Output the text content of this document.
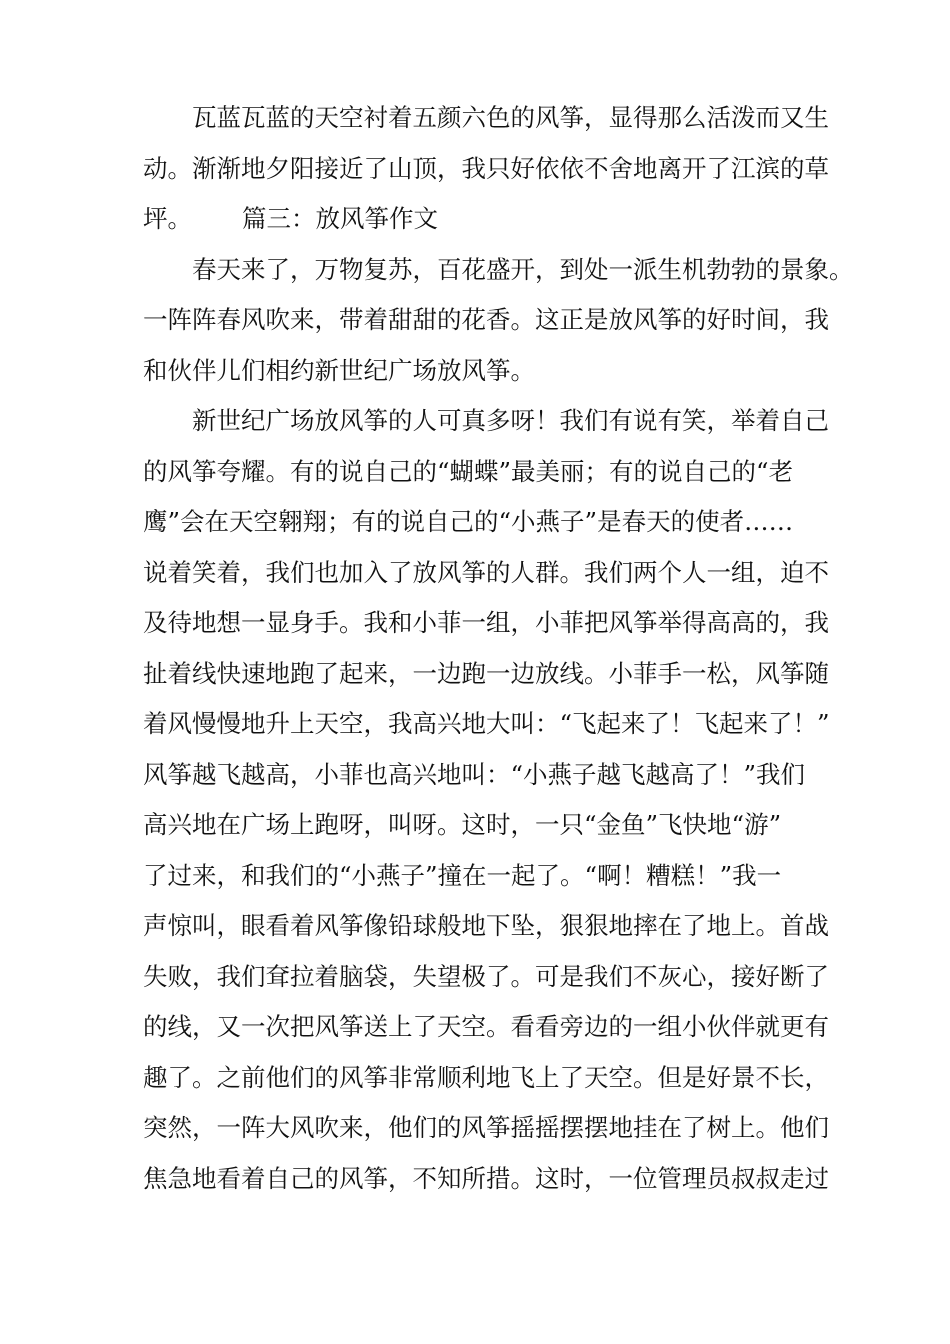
瓦蓝瓦蓝的天空衬着五颜六色的风筝，显得那么活泼而又生
动。渐渐地夕阳接近了山顶，我只好依依不舍地离开了江滨的草
坪。	篇三：放风筝作文
春天来了，万物复苏，百花盛开，到处一派生机勃勃的景象。
一阵阵春风吹来，带着甜甜的花香。这正是放风筝的好时间，我
和伙伴儿们相约新世纪广场放风筝。
新世纪广场放风筝的人可真多呀！我们有说有笑，举着自己
的风筝夸耀。有的说自己的“蝴蝶”最美丽；有的说自己的“老
鹰”会在天空翱翔；有的说自己的“小燕子”是春天的使者……
说着笑着，我们也加入了放风筝的人群。我们两个人一组，迫不
及待地想一显身手。我和小菲一组，小菲把风筝举得高高的，我
扯着线快速地跑了起来，一边跑一边放线。小菲手一松，风筝随
着风慢慢地升上天空，我高兴地大叫：“飞起来了！飞起来了！”
风筝越飞越高，小菲也高兴地叫：“小燕子越飞越高了！”我们
高兴地在广场上跑呀，叫呀。这时，一只“金鱼”飞快地“游”
了过来，和我们的“小燕子”撞在一起了。“啊！糟糕！”我一
声惊叫，眼看着风筝像铅球般地下坠，狠狠地摔在了地上。首战
失败，我们耷拉着脑袋，失望极了。可是我们不灰心，接好断了
的线，又一次把风筝送上了天空。看看旁边的一组小伙伴就更有
趣了。之前他们的风筝非常顺利地飞上了天空。但是好景不长，
突然，一阵大风吹来，他们的风筝摇摇摆摆地挂在了树上。他们
焦急地看着自己的风筝，不知所措。这时，一位管理员叔叔走过
